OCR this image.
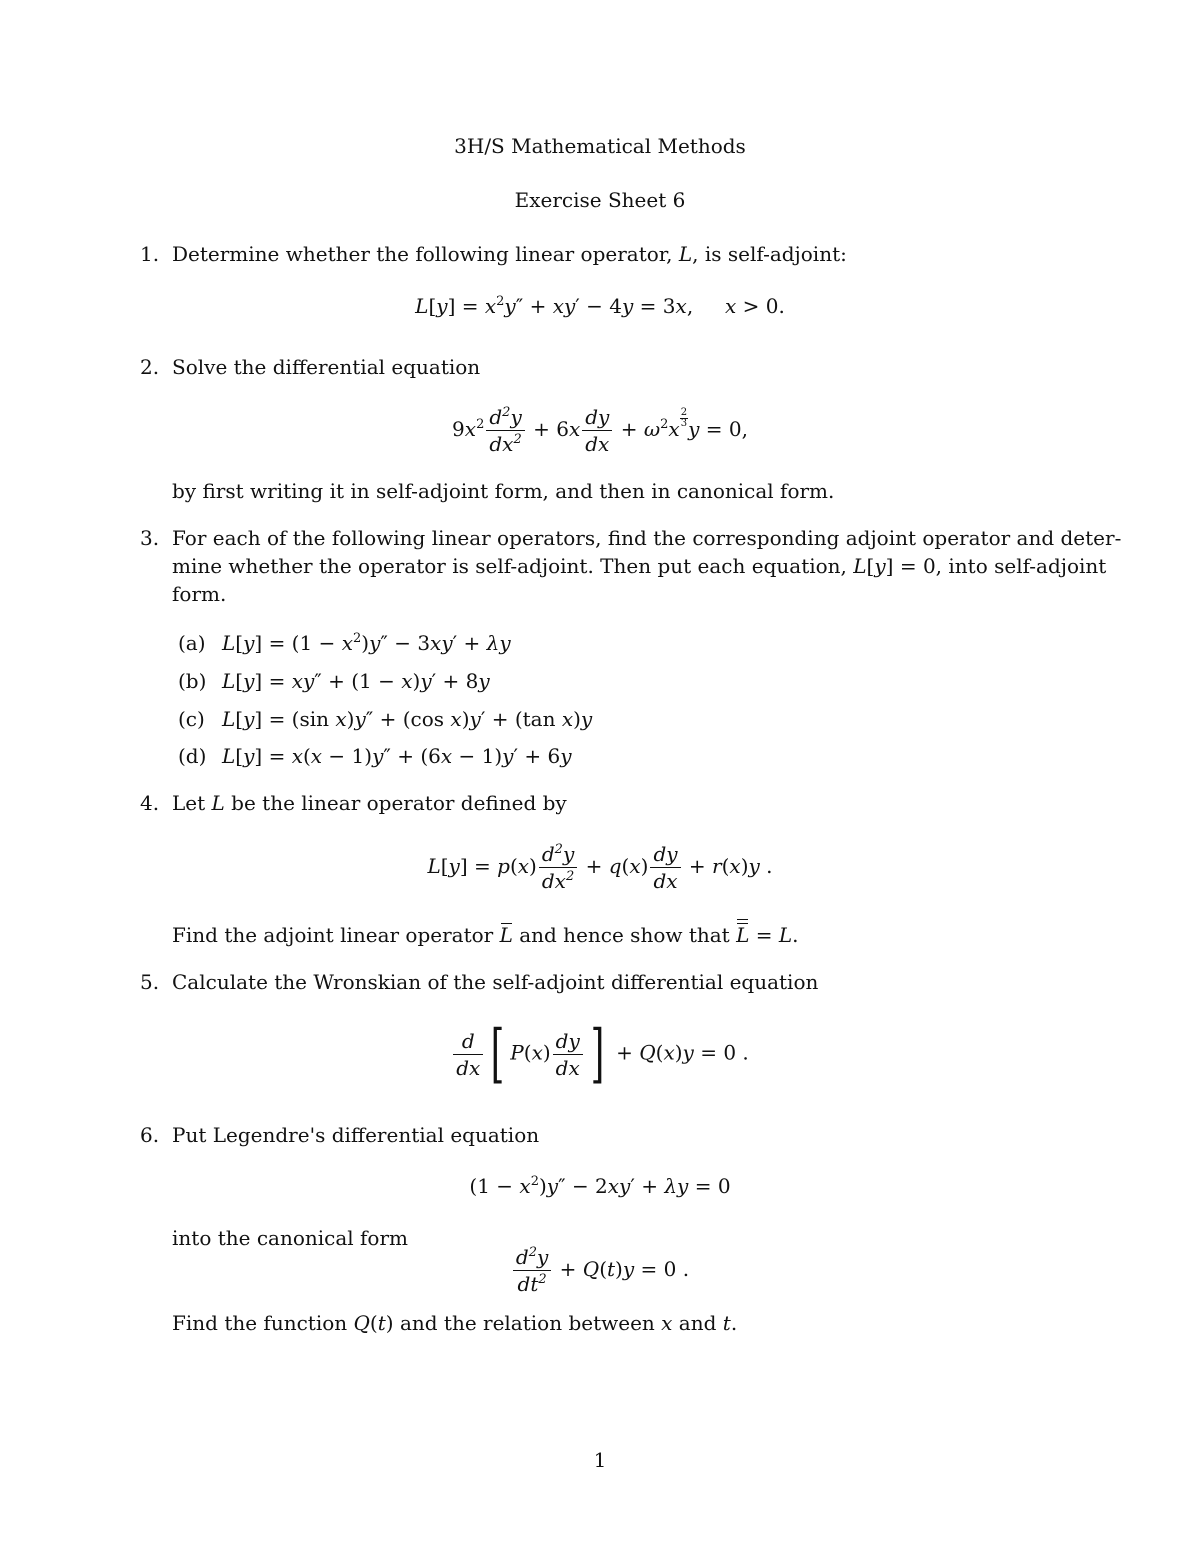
3H/S Mathematical Methods
Exercise Sheet 6
1. Determine whether the following linear operator, L, is self-adjoint:
$L[y] = x^2y'' + xy' - 4y = 3x$,     x > 0.
2. Solve the differential equation
$9x^2 \frac{d^2y}{dx^2} + 6x \frac{dy}{dx} + \omega^2x \frac{2}{3}$ y = 0,
by first writing it in self-adjoint form, and then in canonical form.
3. For each of the following linear operators, find the corresponding adjoint operator and deter-
mine whether the operator is self-adjoint. Then put each equation, L[y] = 0, into self-adjoint
form.
(a) $L[y] = (1 - x^2)y'' - 3xy' + \lambda y$
(b) L[y] = xy″ + (1 − x)y′ + 8y
(c) L[y] = (sin x)y″ + (cos x)y′ + (tan x)y
(d) L[y] = x(x − 1)y″ + (6x − 1)y′ + 6y
4. Let L be the linear operator defined by
$L[y] = p(x) \frac{d^2y}{dx^2} + q(x) \frac{dy}{dx} + r(x)y$ .
Find the adjoint linear operator L and hence show that L = L.
5. Calculate the Wronskian of the self-adjoint differential equation
$\frac{d}{dx}$ [ $P(x) \frac{dy}{dx}$ ] + Q(x)y = 0 .
6. Put Legendre's differential equation
$(1 - x^2)y'' - 2xy' + \lambda y = 0$
into the canonical form
$\frac{d^2y}{dt^2} + Q(t)y = 0$ .
Find the function Q(t) and the relation between x and t.
1
